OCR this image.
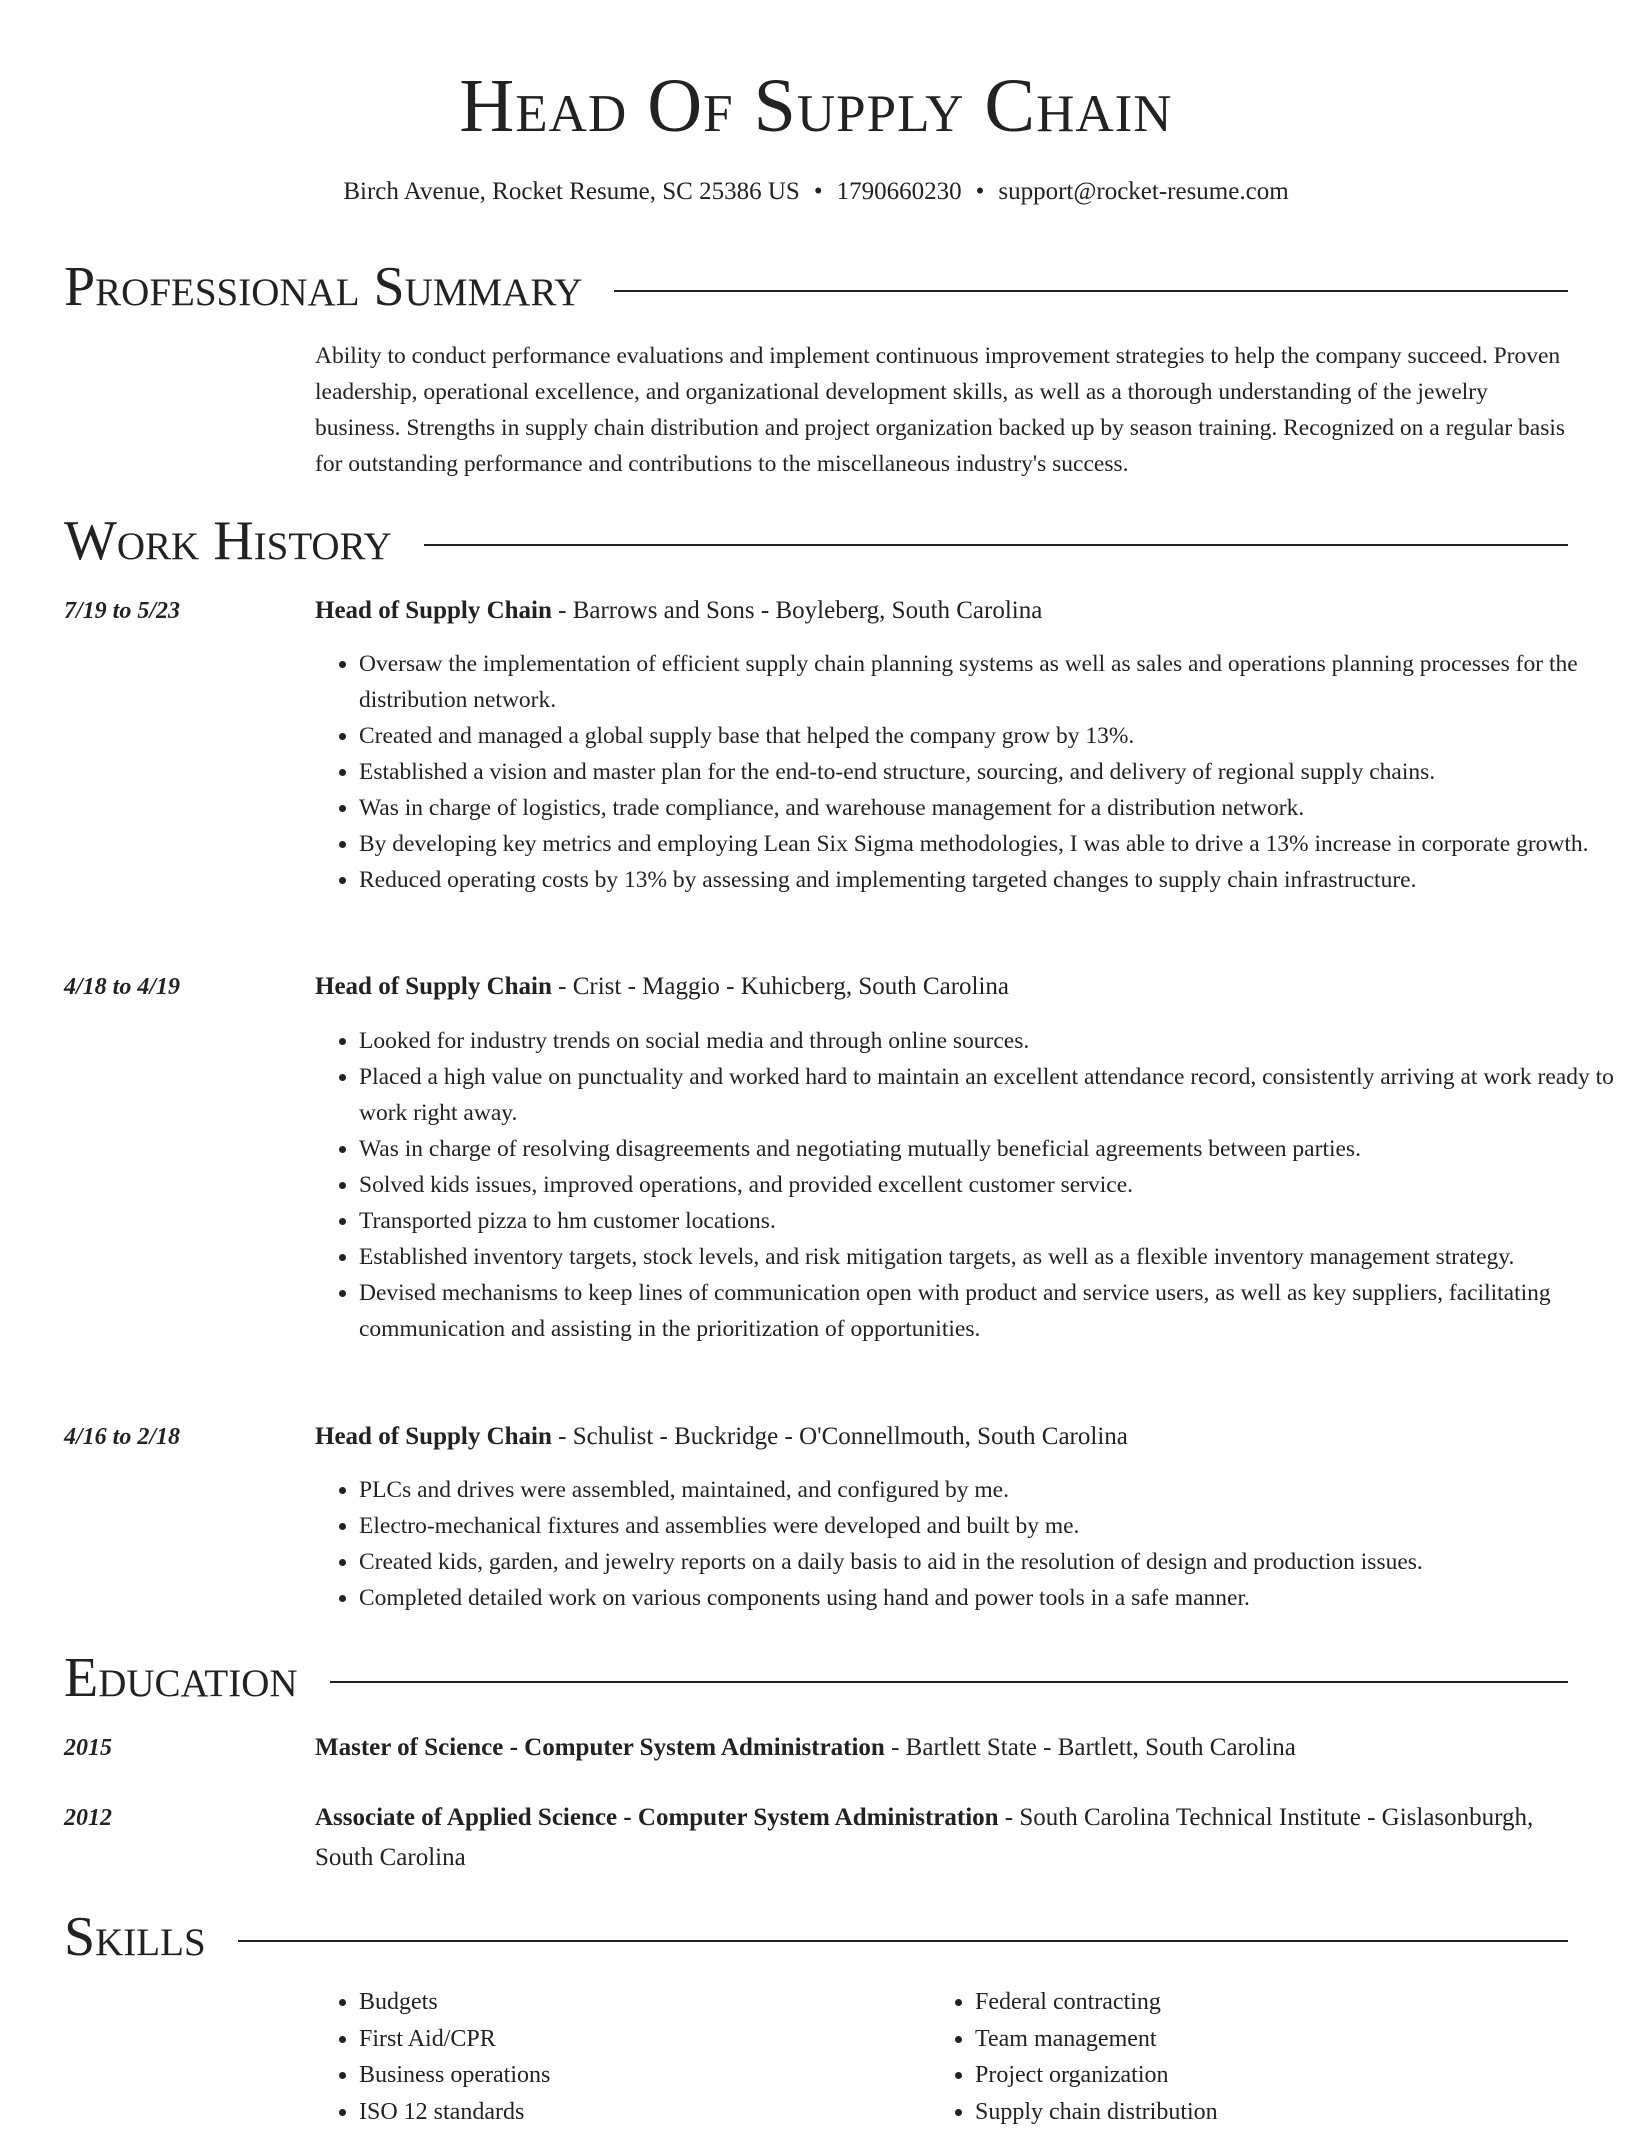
Head Of Supply Chain
Birch Avenue, Rocket Resume, SC 25386 US • 1790660230 • support@rocket-resume.com
Professional Summary

Ability to conduct performance evaluations and implement continuous improvement strategies to help the company succeed. Proven leadership, operational excellence, and organizational development skills, as well as a thorough understanding of the jewelry business. Strengths in supply chain distribution and project organization backed up by season training. Recognized on a regular basis for outstanding performance and contributions to the miscellaneous industry's success.

Work History
7/19 to 5/23	Head of Supply Chain - Barrows and Sons - Boyleberg, South Carolina
• Oversaw the implementation of efficient supply chain planning systems as well as sales and operations planning processes for the distribution network.
• Created and managed a global supply base that helped the company grow by 13%.
• Established a vision and master plan for the end-to-end structure, sourcing, and delivery of regional supply chains.
• Was in charge of logistics, trade compliance, and warehouse management for a distribution network.
• By developing key metrics and employing Lean Six Sigma methodologies, I was able to drive a 13% increase in corporate growth.
• Reduced operating costs by 13% by assessing and implementing targeted changes to supply chain infrastructure.
4/18 to 4/19	Head of Supply Chain - Crist - Maggio - Kuhicberg, South Carolina
• Looked for industry trends on social media and through online sources.
• Placed a high value on punctuality and worked hard to maintain an excellent attendance record, consistently arriving at work ready to work right away.
• Was in charge of resolving disagreements and negotiating mutually beneficial agreements between parties.
• Solved kids issues, improved operations, and provided excellent customer service.
• Transported pizza to hm customer locations.
• Established inventory targets, stock levels, and risk mitigation targets, as well as a flexible inventory management strategy.
• Devised mechanisms to keep lines of communication open with product and service users, as well as key suppliers, facilitating communication and assisting in the prioritization of opportunities.
4/16 to 2/18	Head of Supply Chain - Schulist - Buckridge - O'Connellmouth, South Carolina
• PLCs and drives were assembled, maintained, and configured by me.
• Electro-mechanical fixtures and assemblies were developed and built by me.
• Created kids, garden, and jewelry reports on a daily basis to aid in the resolution of design and production issues.
• Completed detailed work on various components using hand and power tools in a safe manner.
Education
2015	Master of Science - Computer System Administration - Bartlett State - Bartlett, South Carolina
2012	Associate of Applied Science - Computer System Administration - South Carolina Technical Institute - Gislasonburgh, South Carolina
Skills
• Budgets
• First Aid/CPR
• Business operations
• ISO 12 standards
• Federal contracting
• Team management
• Project organization
• Supply chain distribution
